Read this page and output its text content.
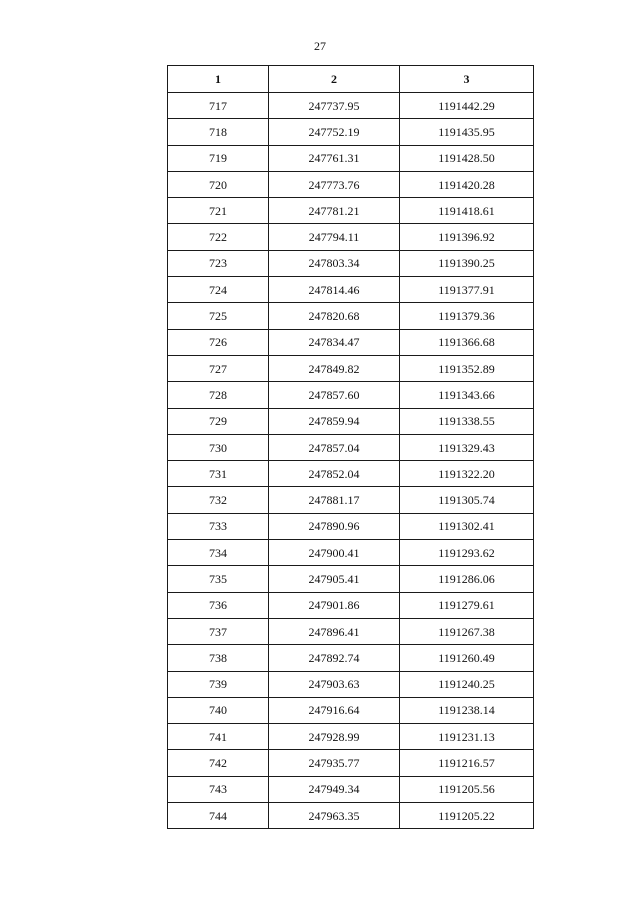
27
1	2	3
717	247737.95	1191442.29
718	247752.19	1191435.95
719	247761.31	1191428.50
720	247773.76	1191420.28
721	247781.21	1191418.61
722	247794.11	1191396.92
723	247803.34	1191390.25
724	247814.46	1191377.91
725	247820.68	1191379.36
726	247834.47	1191366.68
727	247849.82	1191352.89
728	247857.60	1191343.66
729	247859.94	1191338.55
730	247857.04	1191329.43
731	247852.04	1191322.20
732	247881.17	1191305.74
733	247890.96	1191302.41
734	247900.41	1191293.62
735	247905.41	1191286.06
736	247901.86	1191279.61
737	247896.41	1191267.38
738	247892.74	1191260.49
739	247903.63	1191240.25
740	247916.64	1191238.14
741	247928.99	1191231.13
742	247935.77	1191216.57
743	247949.34	1191205.56
744	247963.35	1191205.22
